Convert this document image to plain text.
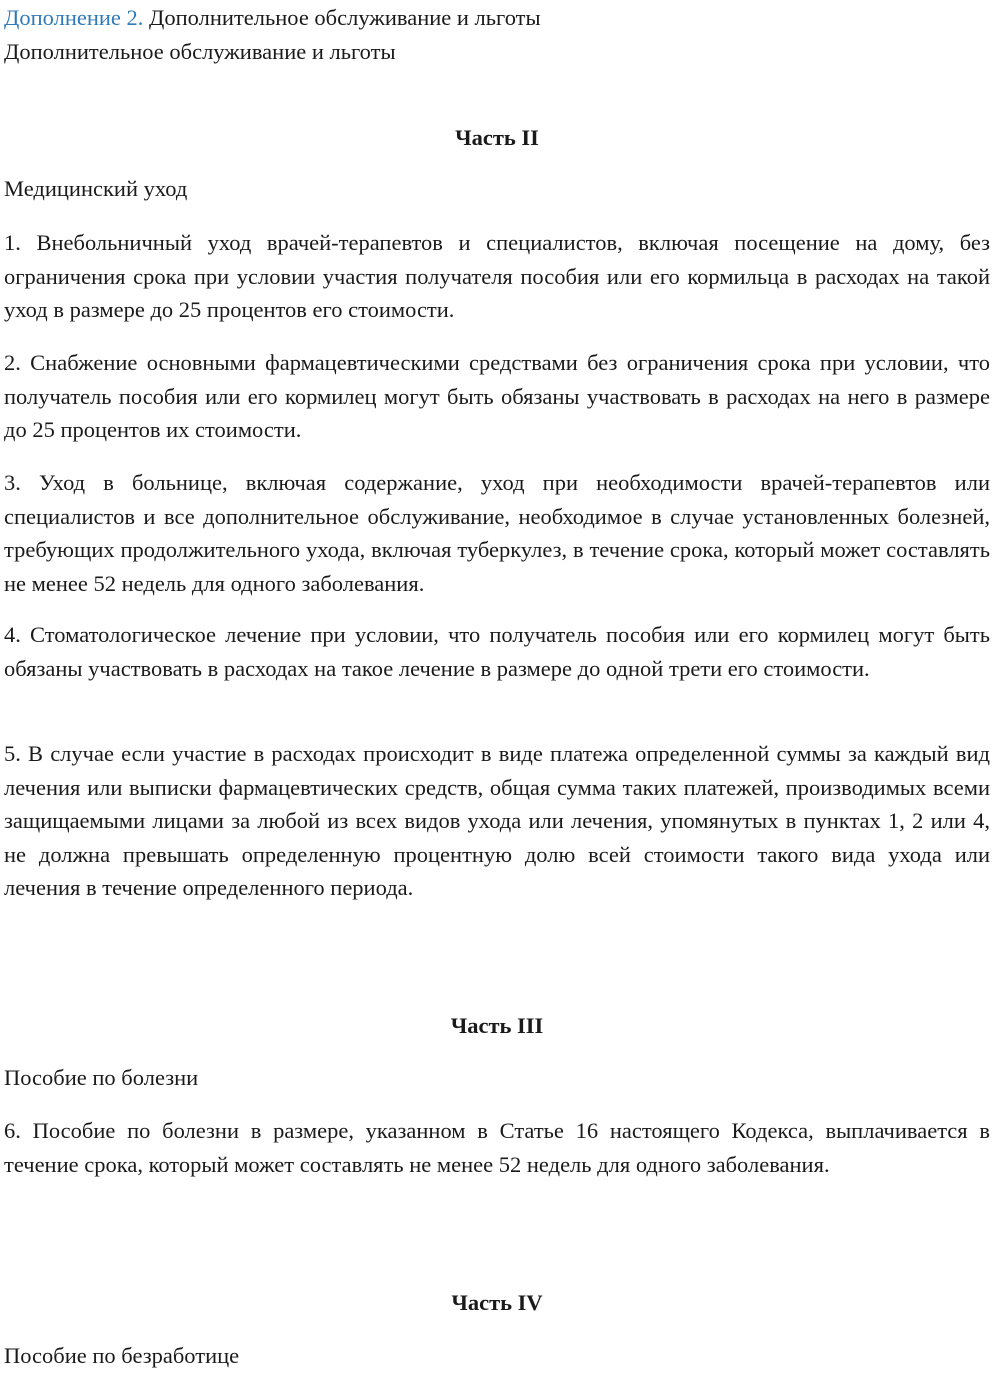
Дополнение 2. Дополнительное обслуживание и льготы
Дополнительное обслуживание и льготы
Часть II
Медицинский уход

1. Внебольничный уход врачей-терапевтов и специалистов, включая посещение на дому, без ограничения срока при условии участия получателя пособия или его кормильца в расходах на такой уход в размере до 25 процентов его стоимости.

2. Снабжение основными фармацевтическими средствами без ограничения срока при условии, что получатель пособия или его кормилец могут быть обязаны участвовать в расходах на него в размере до 25 процентов их стоимости.

3. Уход в больнице, включая содержание, уход при необходимости врачей-терапевтов или специалистов и все дополнительное обслуживание, необходимое в случае установленных болезней, требующих продолжительного ухода, включая туберкулез, в течение срока, который может составлять не менее 52 недель для одного заболевания.

4. Стоматологическое лечение при условии, что получатель пособия или его кормилец могут быть обязаны участвовать в расходах на такое лечение в размере до одной трети его стоимости.

5. В случае если участие в расходах происходит в виде платежа определенной суммы за каждый вид лечения или выписки фармацевтических средств, общая сумма таких платежей, производимых всеми защищаемыми лицами за любой из всех видов ухода или лечения, упомянутых в пунктах 1, 2 или 4, не должна превышать определенную процентную долю всей стоимости такого вида ухода или лечения в течение определенного периода.

Часть III
Пособие по болезни

6. Пособие по болезни в размере, указанном в Статье 16 настоящего Кодекса, выплачивается в течение срока, который может составлять не менее 52 недель для одного заболевания.

Часть IV
Пособие по безработице
